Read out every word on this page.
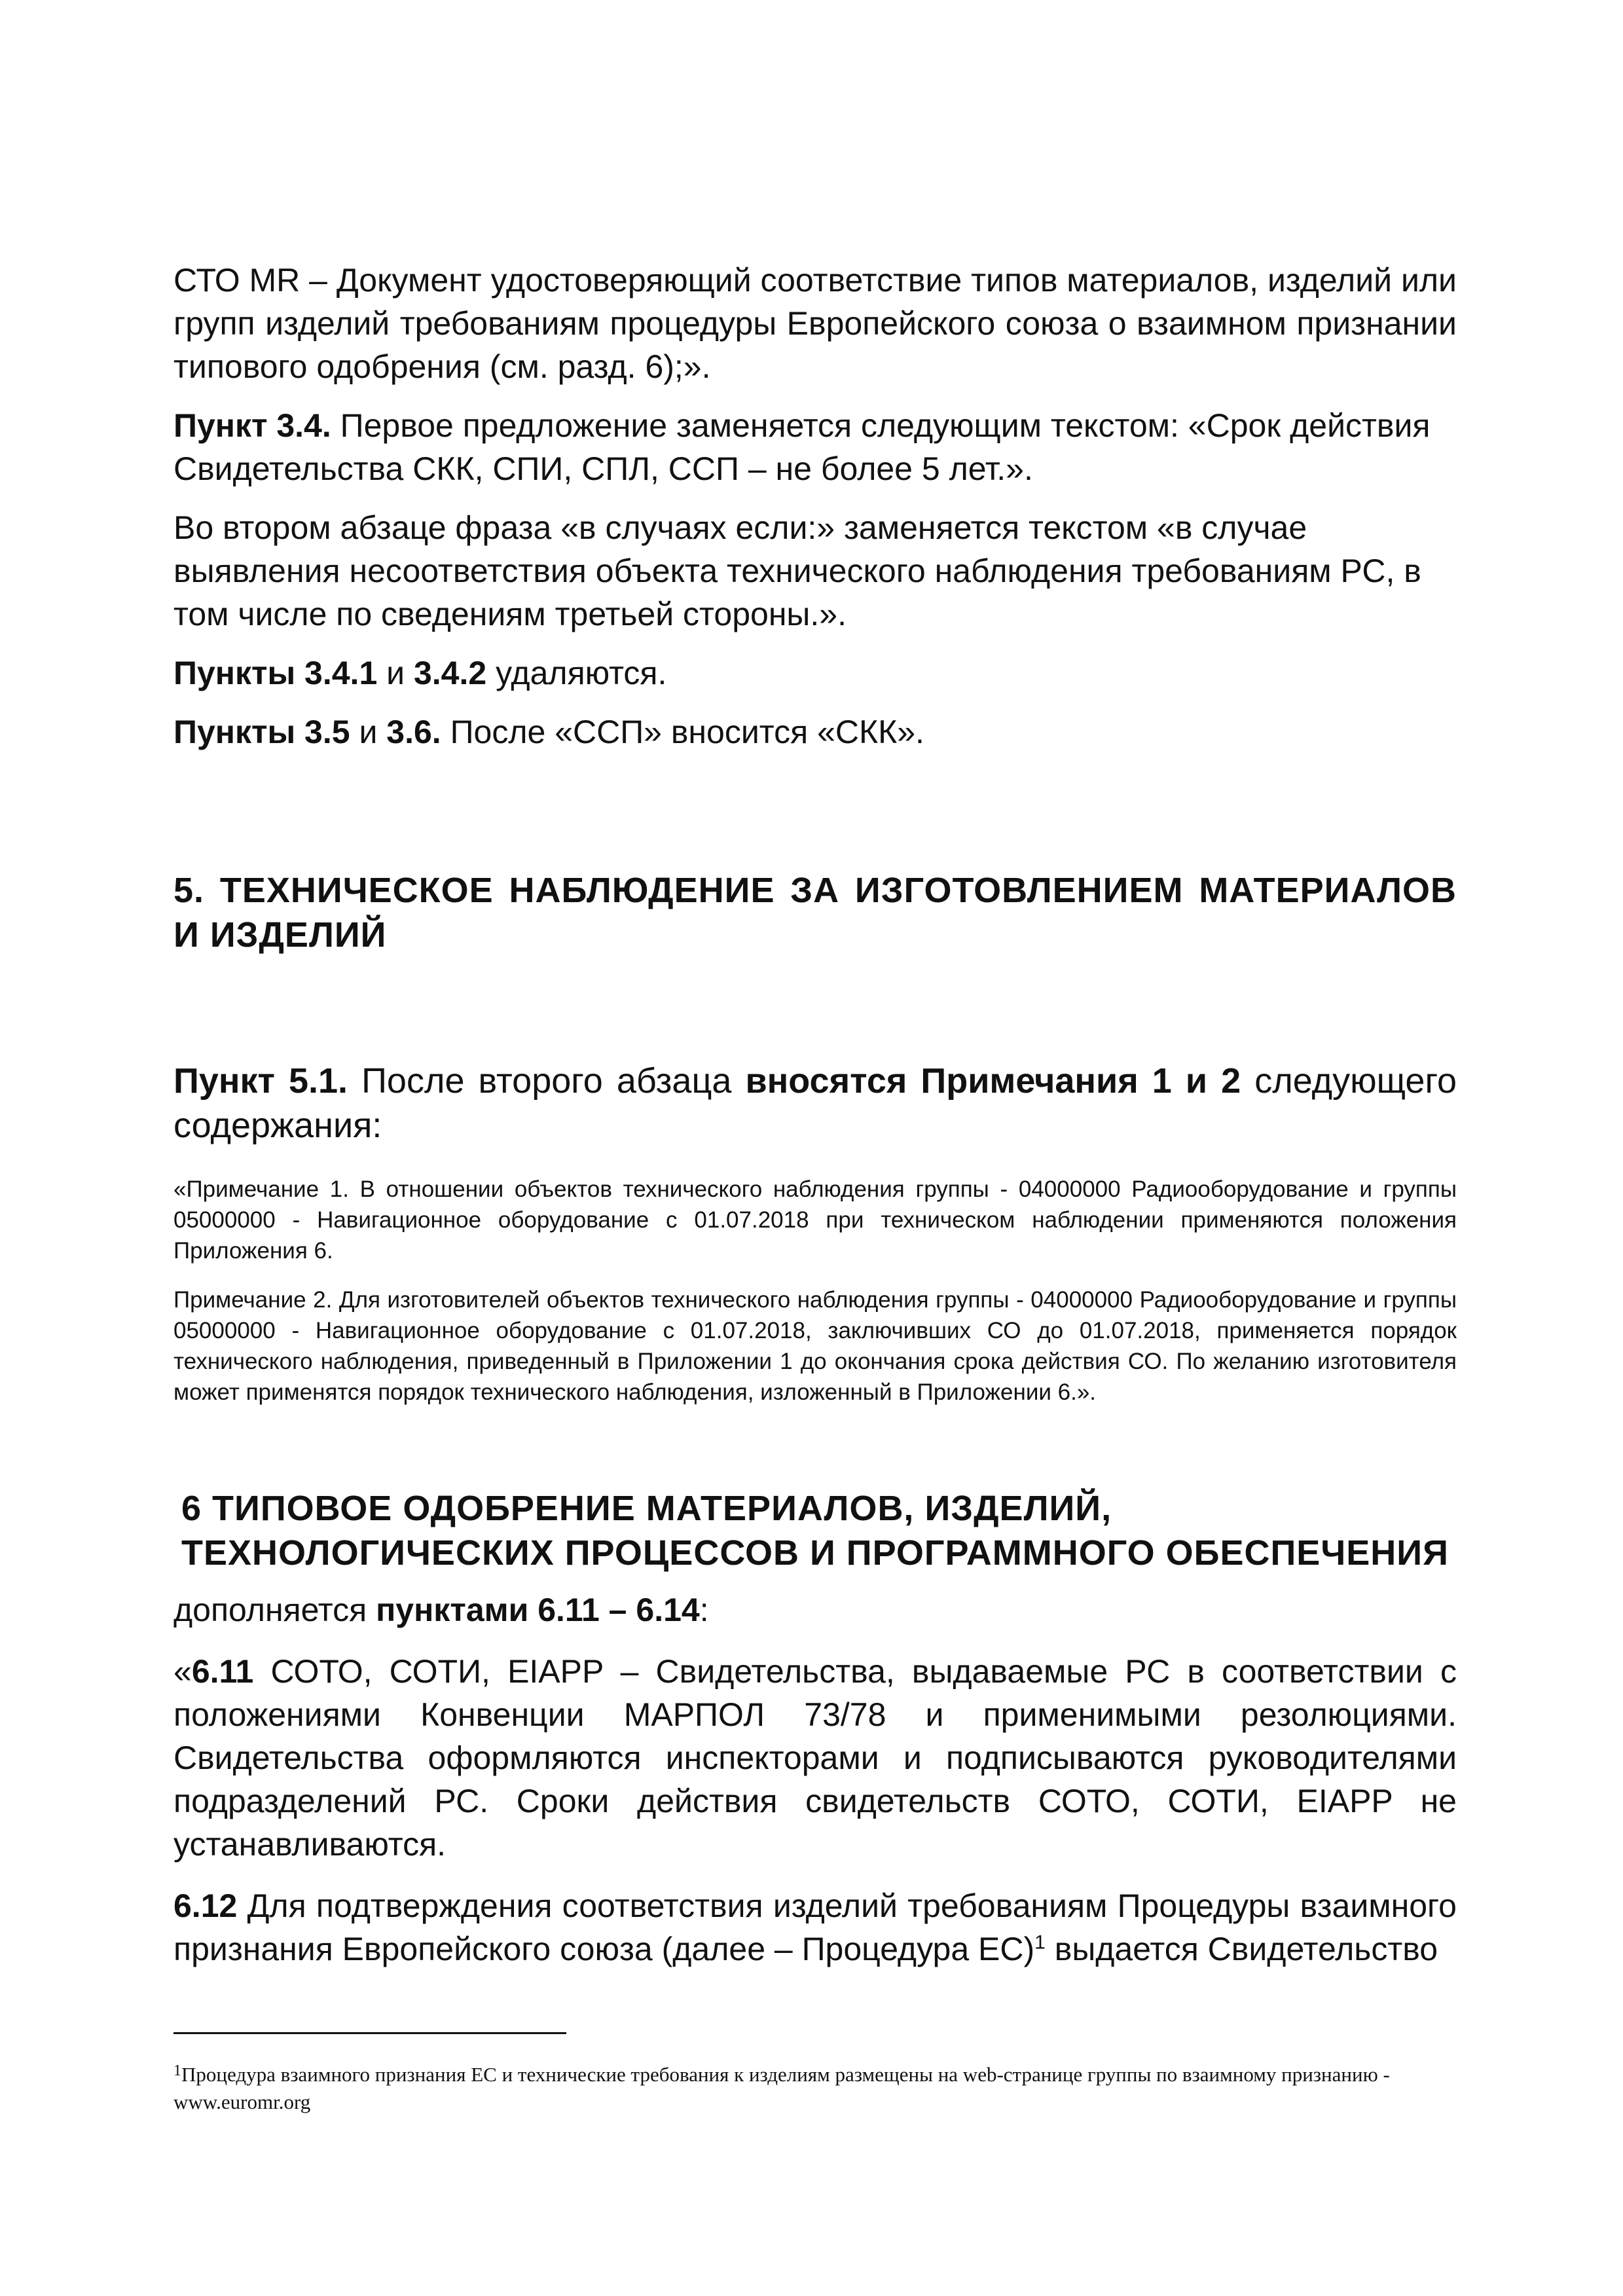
СТО MR – Документ удостоверяющий соответствие типов материалов, изделий или групп изделий требованиям процедуры Европейского союза о взаимном признании типового одобрения (см. разд. 6);».

Пункт 3.4. Первое предложение заменяется следующим текстом: «Срок действия Свидетельства СКК, СПИ, СПЛ, ССП – не более 5 лет.».

Во втором абзаце фраза «в случаях если:» заменяется текстом «в случае выявления несоответствия объекта технического наблюдения требованиям РС, в том числе по сведениям третьей стороны.».

Пункты 3.4.1 и 3.4.2 удаляются.

Пункты 3.5 и 3.6. После «ССП» вносится «СКК».

5. ТЕХНИЧЕСКОЕ НАБЛЮДЕНИЕ ЗА ИЗГОТОВЛЕНИЕМ МАТЕРИАЛОВ И ИЗДЕЛИЙ

Пункт 5.1. После второго абзаца вносятся Примечания 1 и 2 следующего содержания:

«Примечание 1. В отношении объектов технического наблюдения группы - 04000000 Радиооборудование и группы 05000000 - Навигационное оборудование с 01.07.2018 при техническом наблюдении применяются положения Приложения 6.

Примечание 2. Для изготовителей объектов технического наблюдения группы - 04000000 Радиооборудование и группы 05000000 - Навигационное оборудование с 01.07.2018, заключивших СО до 01.07.2018, применяется порядок технического наблюдения, приведенный в Приложении 1 до окончания срока действия СО. По желанию изготовителя может применятся порядок технического наблюдения, изложенный в Приложении 6.».

6 ТИПОВОЕ ОДОБРЕНИЕ МАТЕРИАЛОВ, ИЗДЕЛИЙ, ТЕХНОЛОГИЧЕСКИХ ПРОЦЕССОВ И ПРОГРАММНОГО ОБЕСПЕЧЕНИЯ

дополняется пунктами 6.11 – 6.14:

«6.11 СОТО, СОТИ, EIAPP – Свидетельства, выдаваемые РС в соответствии с положениями Конвенции МАРПОЛ 73/78 и применимыми резолюциями. Свидетельства оформляются инспекторами и подписываются руководителями подразделений РС. Сроки действия свидетельств СОТО, СОТИ, EIAPP не устанавливаются.

6.12 Для подтверждения соответствия изделий требованиям Процедуры взаимного признания Европейского союза (далее – Процедура ЕС)$^1$ выдается Свидетельство

$^1$Процедура взаимного признания ЕС и технические требования к изделиям размещены на web-странице группы по взаимному признанию - www.euromr.org
